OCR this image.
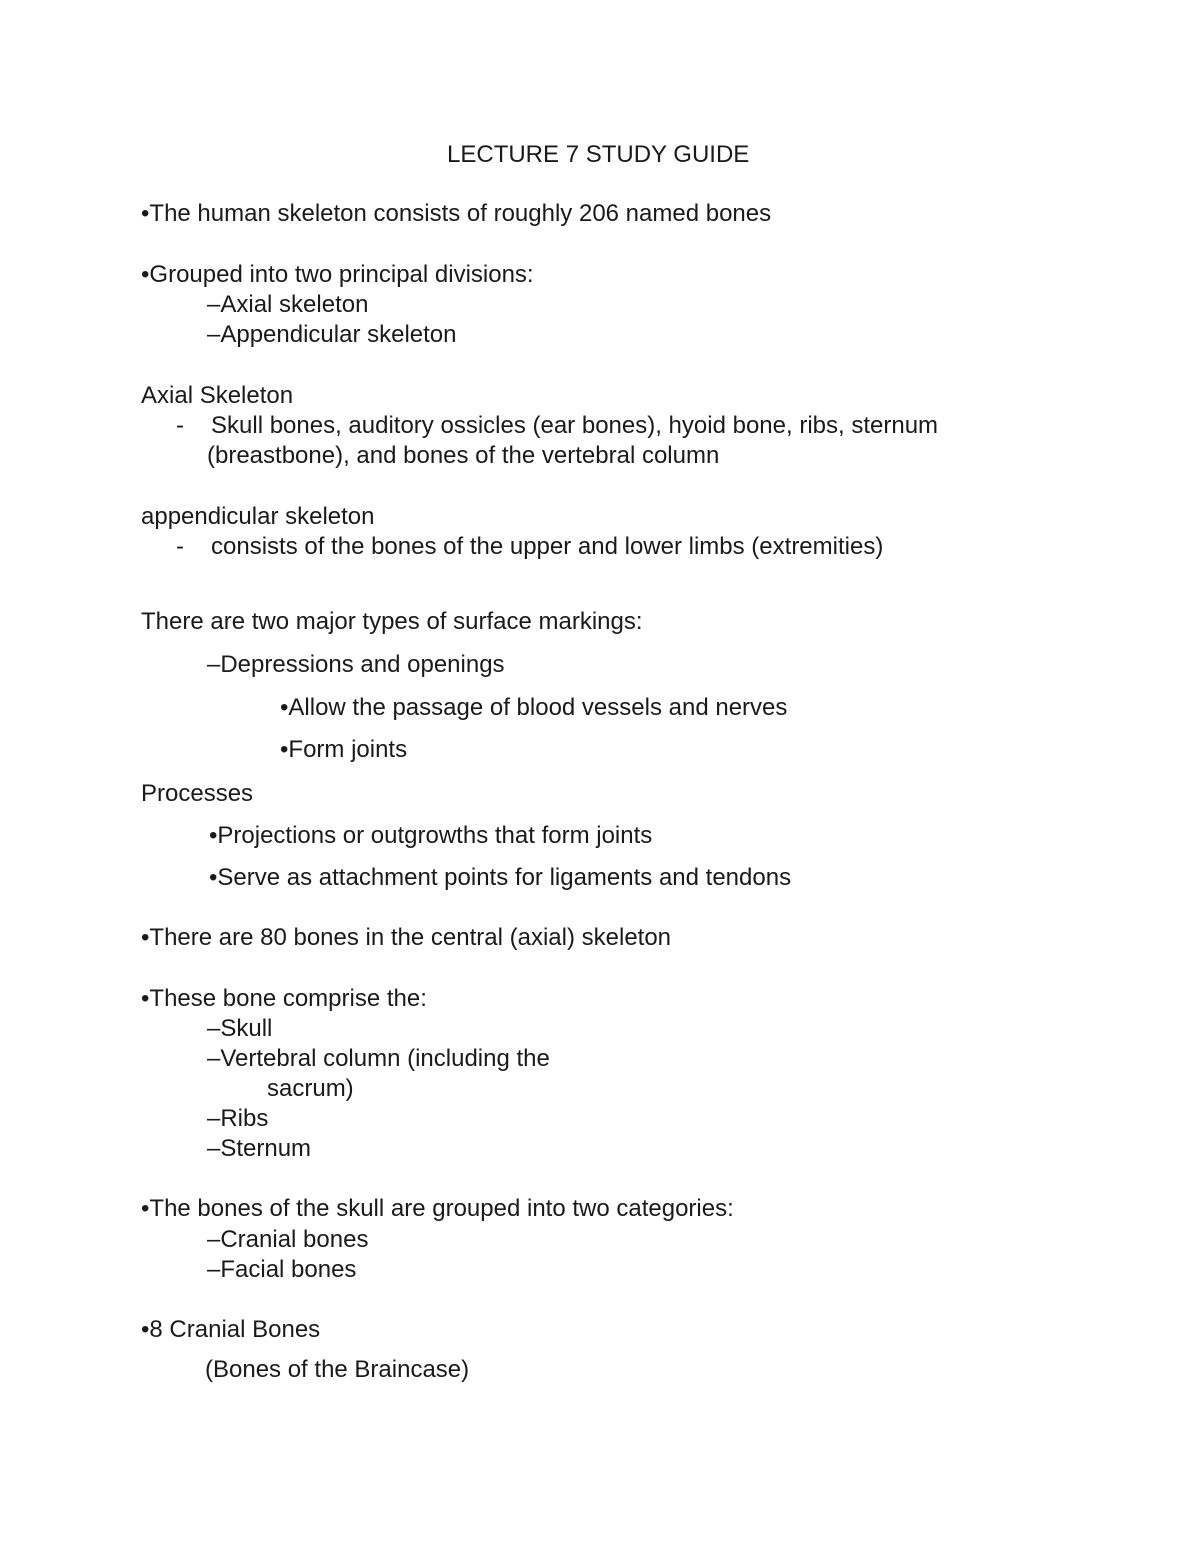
LECTURE 7 STUDY GUIDE
•The human skeleton consists of roughly 206 named bones
•Grouped into two principal divisions:
–Axial skeleton
–Appendicular skeleton
Axial Skeleton
- Skull bones, auditory ossicles (ear bones), hyoid bone, ribs, sternum
(breastbone), and bones of the vertebral column
appendicular skeleton
- consists of the bones of the upper and lower limbs (extremities)
There are two major types of surface markings:
–Depressions and openings
•Allow the passage of blood vessels and nerves
•Form joints
Processes
•Projections or outgrowths that form joints
•Serve as attachment points for ligaments and tendons
•There are 80 bones in the central (axial) skeleton
•These bone comprise the:
–Skull
–Vertebral column (including the
sacrum)
–Ribs
–Sternum
•The bones of the skull are grouped into two categories:
–Cranial bones
–Facial bones
•8 Cranial Bones
(Bones of the Braincase)
